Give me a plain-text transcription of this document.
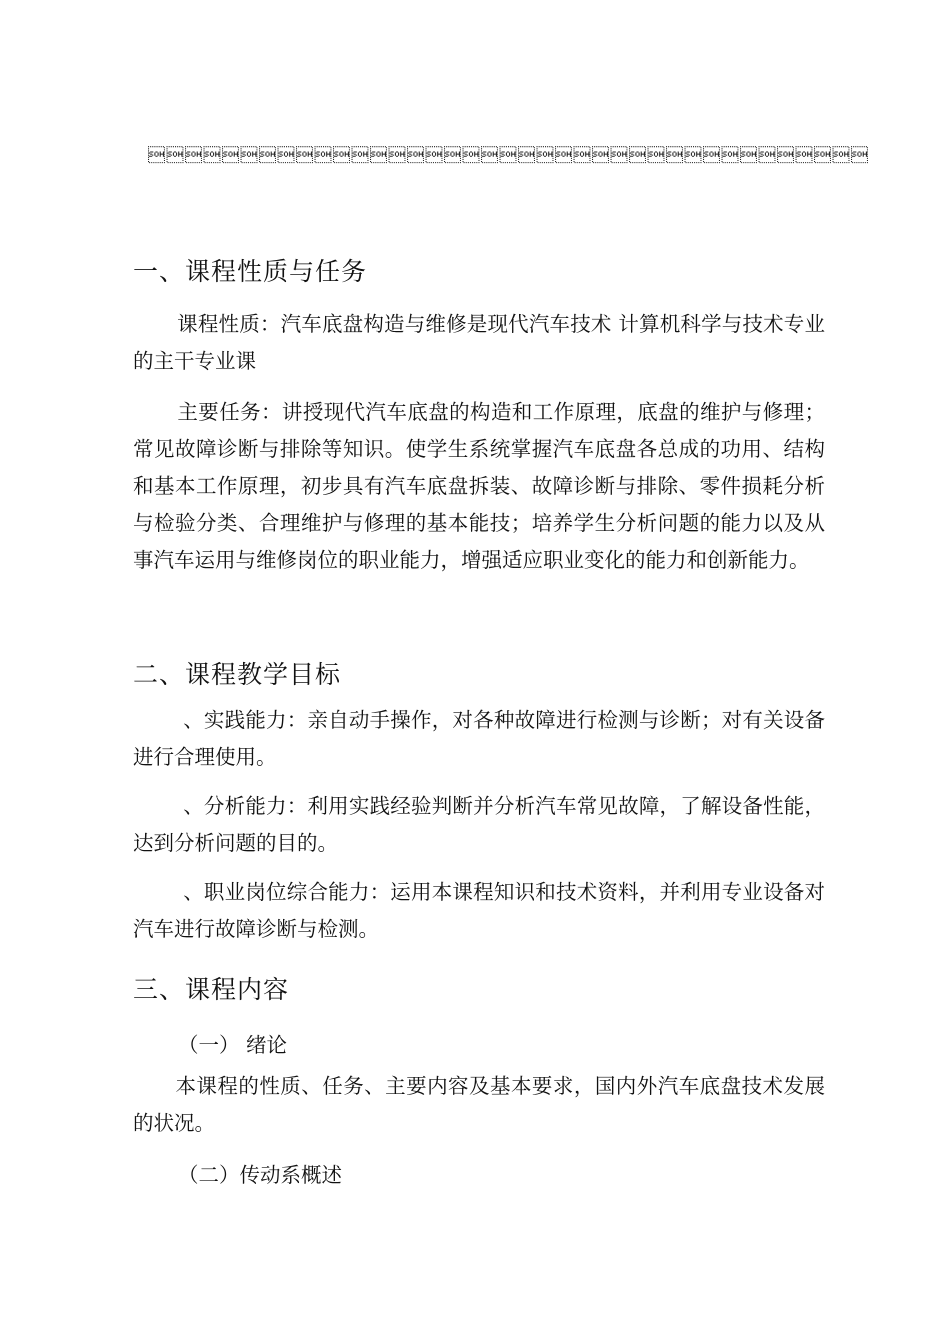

一、课程性质与任务
课程性质：汽车底盘构造与维修是现代汽车技术 计算机科学与技术专业的主干专业课
主要任务：讲授现代汽车底盘的构造和工作原理，底盘的维护与修理；常见故障诊断与排除等知识。使学生系统掌握汽车底盘各总成的功用、结构和基本工作原理，初步具有汽车底盘拆装、故障诊断与排除、零件损耗分析与检验分类、合理维护与修理的基本能技；培养学生分析问题的能力以及从事汽车运用与维修岗位的职业能力，增强适应职业变化的能力和创新能力。
二、课程教学目标
、实践能力：亲自动手操作，对各种故障进行检测与诊断；对有关设备进行合理使用。
、分析能力：利用实践经验判断并分析汽车常见故障，了解设备性能，达到分析问题的目的。
、职业岗位综合能力：运用本课程知识和技术资料，并利用专业设备对汽车进行故障诊断与检测。
三、课程内容
（一） 绪论
本课程的性质、任务、主要内容及基本要求，国内外汽车底盘技术发展的状况。
（二）传动系概述
